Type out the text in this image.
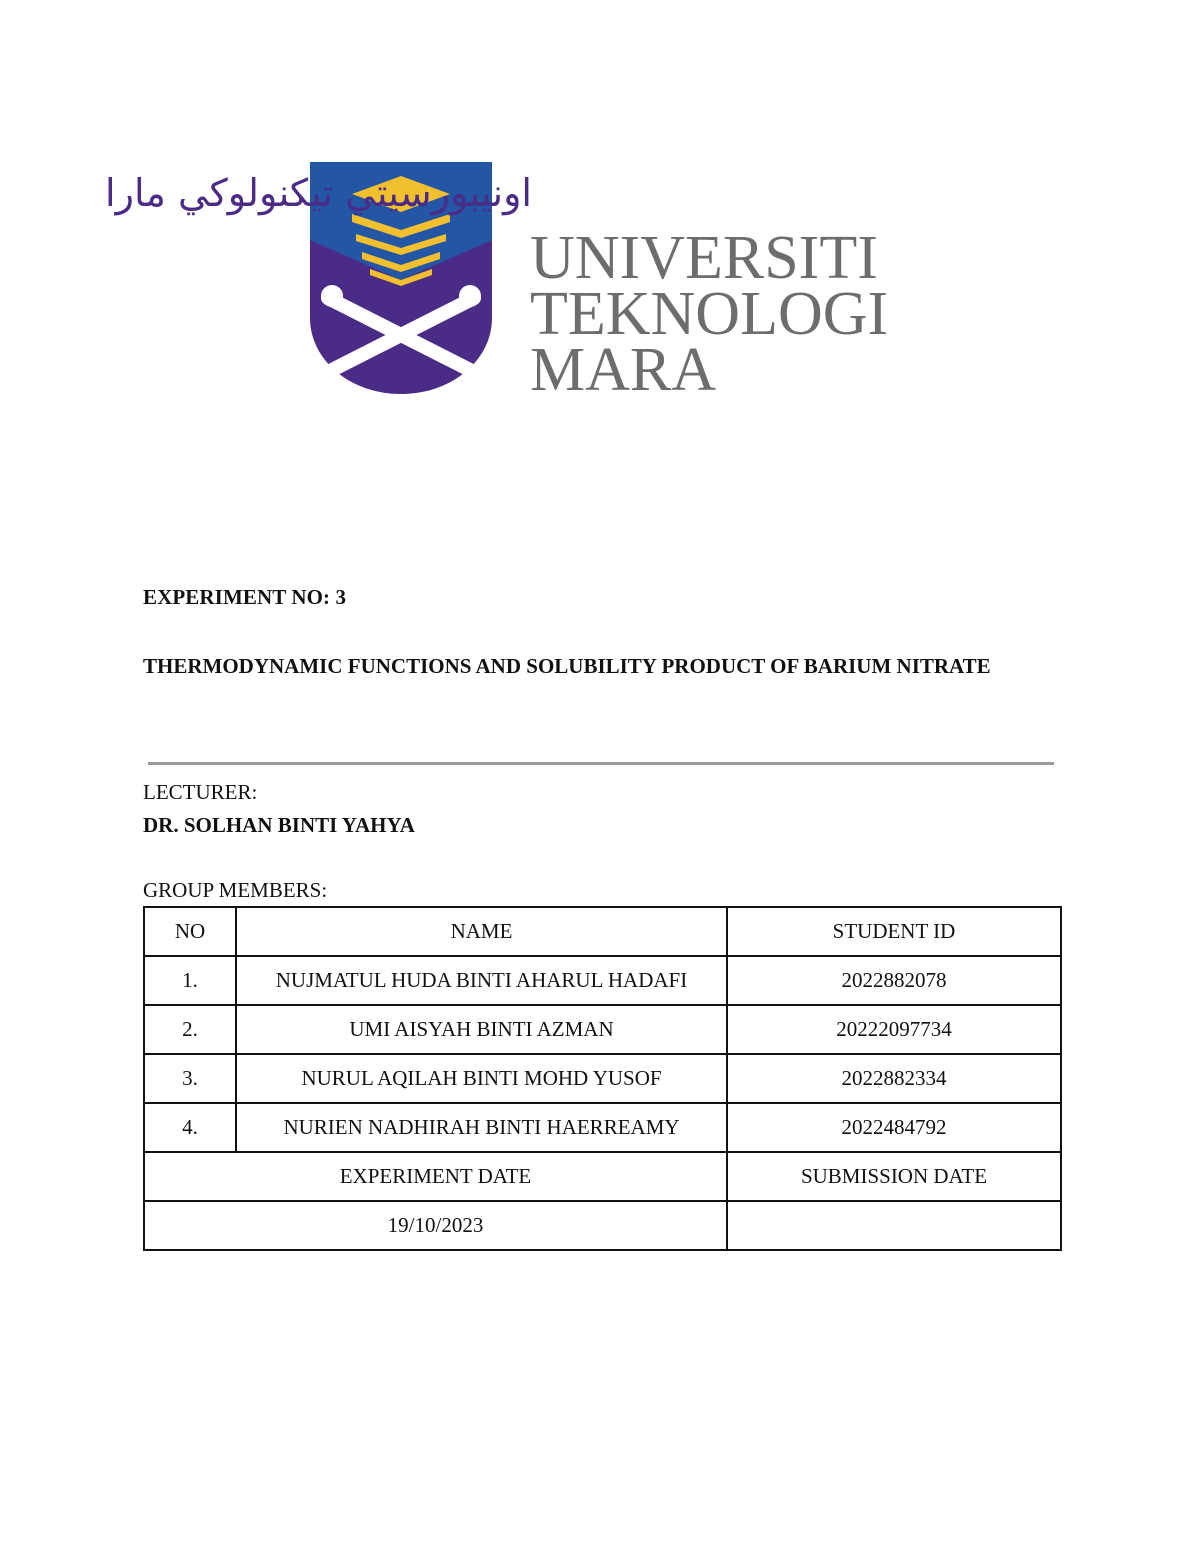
اونيبورسيتي تيكنولوکي مارا
UNIVERSITI
TEKNOLOGI
MARA
EXPERIMENT NO: 3
THERMODYNAMIC FUNCTIONS AND SOLUBILITY PRODUCT OF BARIUM NITRATE
LECTURER:
DR. SOLHAN BINTI YAHYA
GROUP MEMBERS:
NO	NAME	STUDENT ID
1.	NUJMATUL HUDA BINTI AHARUL HADAFI	2022882078
2.	UMI AISYAH BINTI AZMAN	20222097734
3.	NURUL AQILAH BINTI MOHD YUSOF	2022882334
4.	NURIEN NADHIRAH BINTI HAERREAMY	2022484792
EXPERIMENT DATE		SUBMISSION DATE
19/10/2023		
